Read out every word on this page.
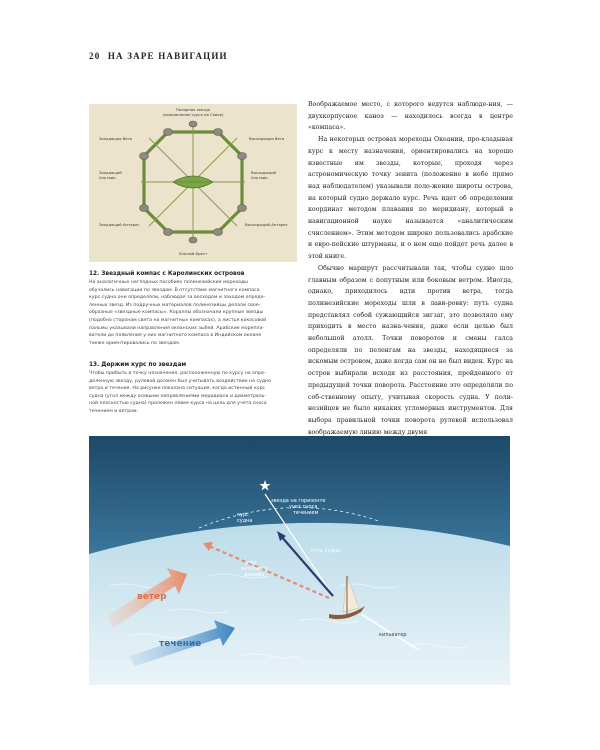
20 НА ЗАРЕ НАВИГАЦИИ
Полярная звезда
(направление курса на Север)
Южный Крест
Заходящая Вега
Заходящий
Альтаир
Заходящий Антарес
Восходящая Вега
Восходящий
Альтаир
Восходящий Антарес
12. Звездный компас с Каролинских островов
На аналогичных наглядных пособиях полинезийские мореходы
обучались навигации по звездам. В отсутствие магнитного компаса
курс судна они определяли, наблюдая за восходом и заходом опреде-
ленных звезд. Из подручных материалов полинезийцы делали свое-
образные «звездные компасы». Кораллы обозначали крупные звезды
(подобно сторонам света на магнитных компасах), а листья кокосовой
пальмы указывали направления океанских зыбей. Арабские морепла-
ватели до появления у них магнитного компаса в Индийском океане
также ориентировались по звездам.
13. Держим курс по звездам
Чтобы прибыть в точку назначения, расположенную по курсу на опре-
деленную звезду, рулевой должен был учитывать воздействие на судно
ветра и течения. На рисунке показана ситуация, когда истинный курс
судна (угол между осевыми направлениями меридиана и диаметраль-
ной плоскостью судна) проложен левее курса на цель для учета сноса
течением и ветром.

Воображаемое место, с которого ведутся наблюде-ния, — двухкорпусное каноэ — находилось всегда в центре «компаса».

На некоторых островах мореходы Океании, про-кладывая курс к месту назначения, ориентировались на хорошо известные им звезды, которые, проходя через астрономическую точку зенита (положение в небе прямо над наблюдателем) указывали поло-жение широты острова, на который судно держало курс. Речь идет об определении координат методом плавания по меридиану, который в навигационной науке называется «аналитическим счислением». Этим методом широко пользовались арабские и евро-пейские штурманы, и о нем еще пойдет речь далее в этой книге.

Обычно маршрут рассчитывали так, чтобы судно шло главным образом с попутным или боковым ветром. Иногда, однако, приходилось идти против ветра, тогда полинезийские мореходы шли в лави-ровку: путь судна представлял собой сужающийся зигзаг, это позволяло ему приходить в место назна-чения, даже если целью был небольшой атолл. Точки поворотов и смены галса определяли по пеленгам на звезды, находящиеся за искомым островом, даже когда сам он не был виден. Курс на остров выбирали исходя из расстояния, пройденного от предыдущей точки поворота. Расстояние это определяли по соб-ственному опыту, учитывая скорость судна. У поли-незийцев не было никаких угломерных инструментов. Для выбора правильной точки поворота рулевой использовал воображаемую линию между двумя

звезда на горизонте
курс
судна
учет сноса
течением
путь судна
учет
ветрового
дрейфа
ветер
течение
кильватер
